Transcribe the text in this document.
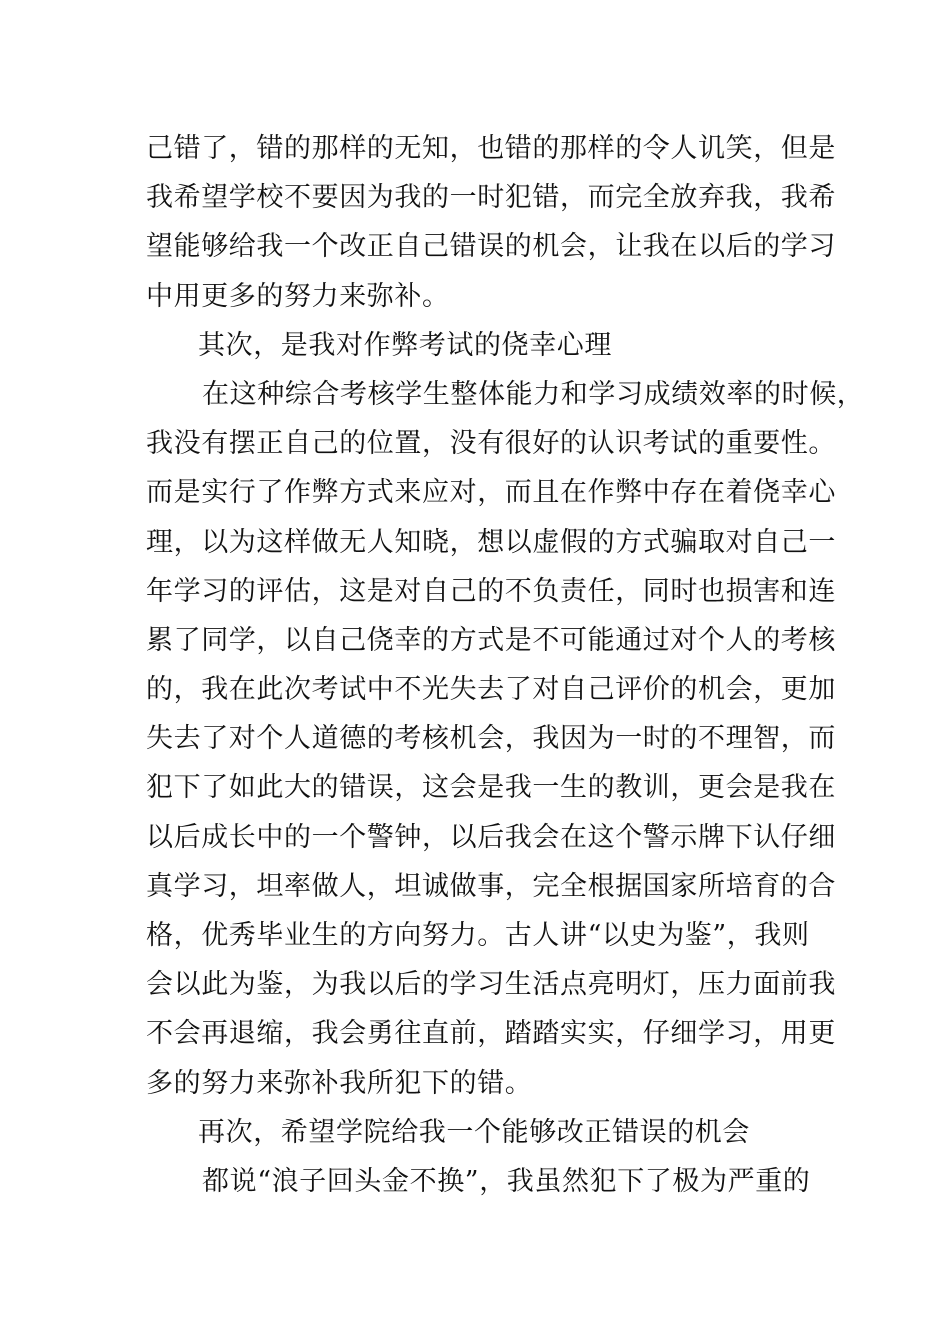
己错了，错的那样的无知，也错的那样的令人讥笑，但是
我希望学校不要因为我的一时犯错，而完全放弃我，我希
望能够给我一个改正自己错误的机会，让我在以后的学习
中用更多的努力来弥补。
其次，是我对作弊考试的侥幸心理
在这种综合考核学生整体能力和学习成绩效率的时候，
我没有摆正自己的位置，没有很好的认识考试的重要性。
而是实行了作弊方式来应对，而且在作弊中存在着侥幸心
理，以为这样做无人知晓，想以虚假的方式骗取对自己一
年学习的评估，这是对自己的不负责任，同时也损害和连
累了同学，以自己侥幸的方式是不可能通过对个人的考核
的，我在此次考试中不光失去了对自己评价的机会，更加
失去了对个人道德的考核机会，我因为一时的不理智，而
犯下了如此大的错误，这会是我一生的教训，更会是我在
以后成长中的一个警钟，以后我会在这个警示牌下认仔细
真学习，坦率做人，坦诚做事，完全根据国家所培育的合
格，优秀毕业生的方向努力。古人讲“以史为鉴”，我则
会以此为鉴，为我以后的学习生活点亮明灯，压力面前我
不会再退缩，我会勇往直前，踏踏实实，仔细学习，用更
多的努力来弥补我所犯下的错。
再次，希望学院给我一个能够改正错误的机会
都说“浪子回头金不换”，我虽然犯下了极为严重的
